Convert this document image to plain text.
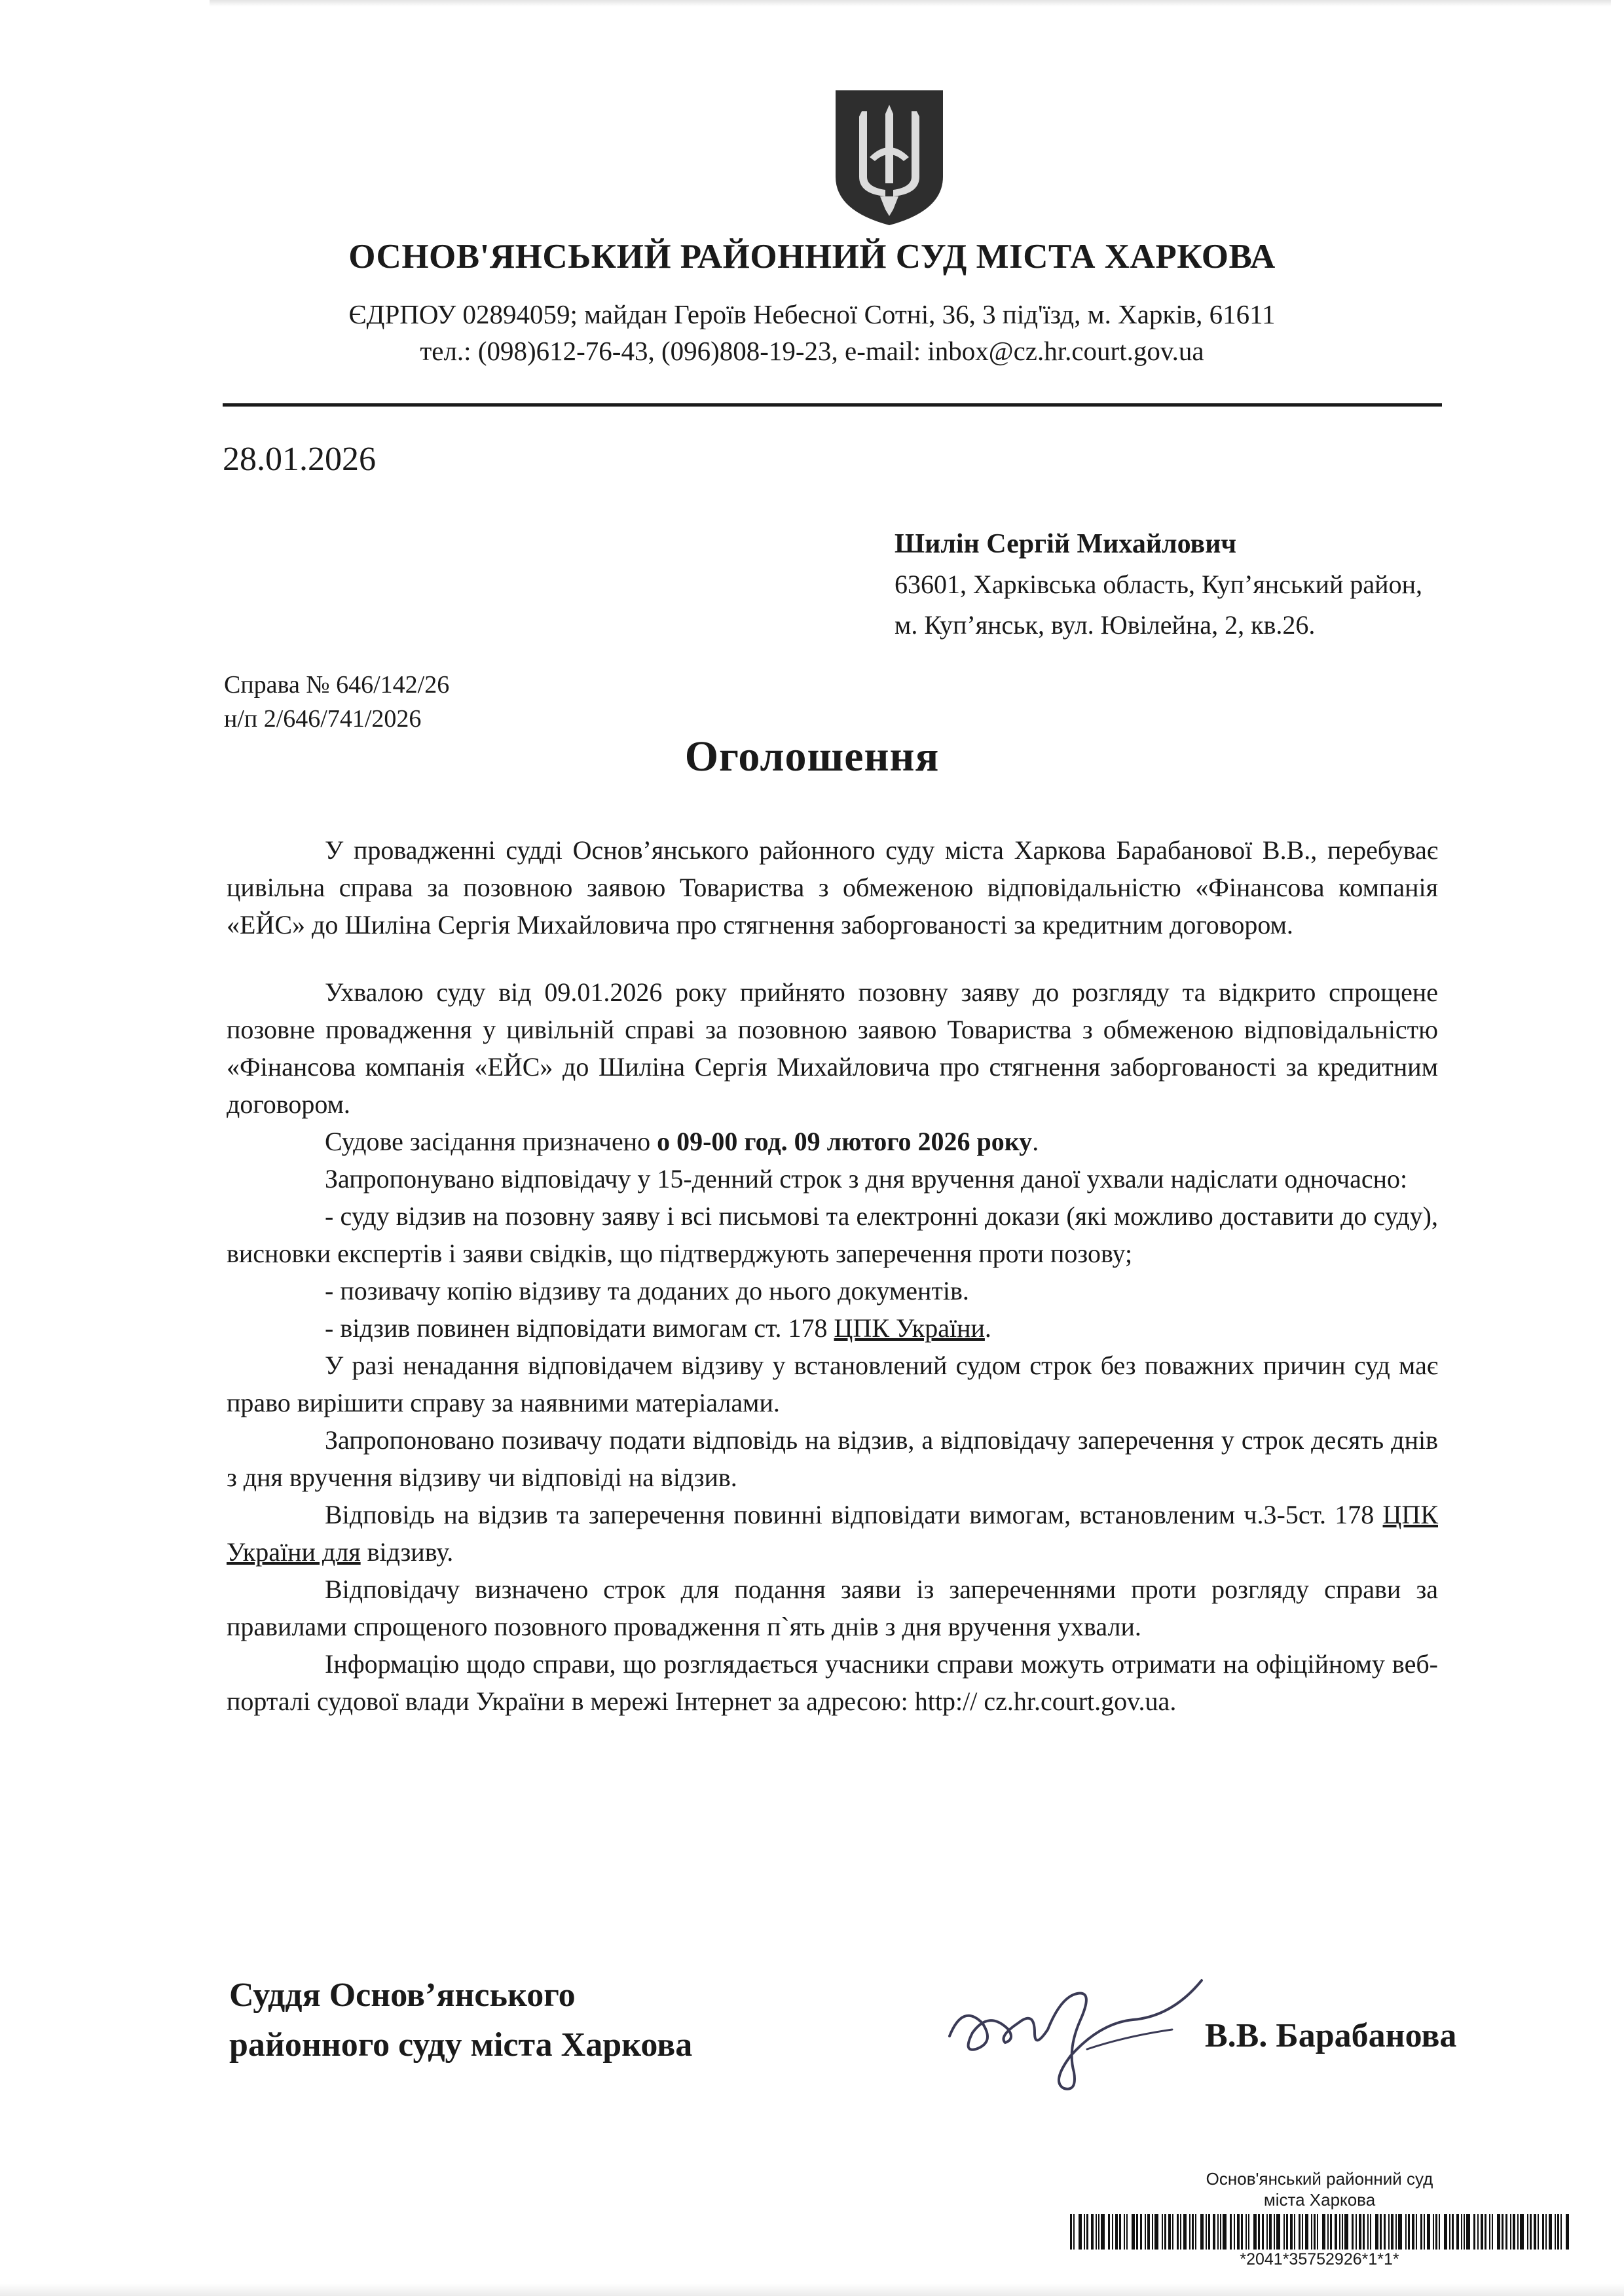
ОСНОВ'ЯНСЬКИЙ РАЙОННИЙ СУД МІСТА ХАРКОВА
ЄДРПОУ 02894059; майдан Героїв Небесної Сотні, 36, 3 під'їзд, м. Харків, 61611
тел.: (098)612-76-43, (096)808-19-23, e-mail: inbox@cz.hr.court.gov.ua
28.01.2026
Шилін Сергій Михайлович
63601, Харківська область, Куп’янський район,
м. Куп’янськ, вул. Ювілейна, 2, кв.26.
Справа № 646/142/26
н/п 2/646/741/2026
Оголошення

У провадженні судді Основ’янського районного суду міста Харкова Барабанової В.В., перебуває цивільна справа за позовною заявою Товариства з обмеженою відповідальністю «Фінансова компанія «ЕЙС» до Шиліна Сергія Михайловича про стягнення заборгованості за кредитним договором.

Ухвалою суду від 09.01.2026 року прийнято позовну заяву до розгляду та відкрито спрощене позовне провадження у цивільній справі за позовною заявою Товариства з обмеженою відповідальністю «Фінансова компанія «ЕЙС» до Шиліна Сергія Михайловича про стягнення заборгованості за кредитним договором.

Судове засідання призначено о 09-00 год. 09 лютого 2026 року.

Запропонувано відповідачу у 15-денний строк з дня вручення даної ухвали надіслати одночасно:

- суду відзив на позовну заяву і всі письмові та електронні докази (які можливо доставити до суду), висновки експертів і заяви свідків, що підтверджують заперечення проти позову;

- позивачу копію відзиву та доданих до нього документів.

- відзив повинен відповідати вимогам ст. 178 ЦПК України.

У разі ненадання відповідачем відзиву у встановлений судом строк без поважних причин суд має право вирішити справу за наявними матеріалами.

Запропоновано позивачу подати відповідь на відзив, а відповідачу заперечення у строк десять днів з дня вручення відзиву чи відповіді на відзив.

Відповідь на відзив та заперечення повинні відповідати вимогам, встановленим ч.3-5ст. 178 ЦПК України для відзиву.

Відповідачу визначено строк для подання заяви із запереченнями проти розгляду справи за правилами спрощеного позовного провадження п`ять днів з дня вручення ухвали.

Інформацію щодо справи, що розглядається учасники справи можуть отримати на офіційному веб-порталі судової влади України в мережі Інтернет за адресою: http:// cz.hr.court.gov.ua.

Суддя Основ’янського
районного суду міста Харкова	В.В. Барабанова
Основ'янський районний суд
міста Харкова
*2041*35752926*1*1*
